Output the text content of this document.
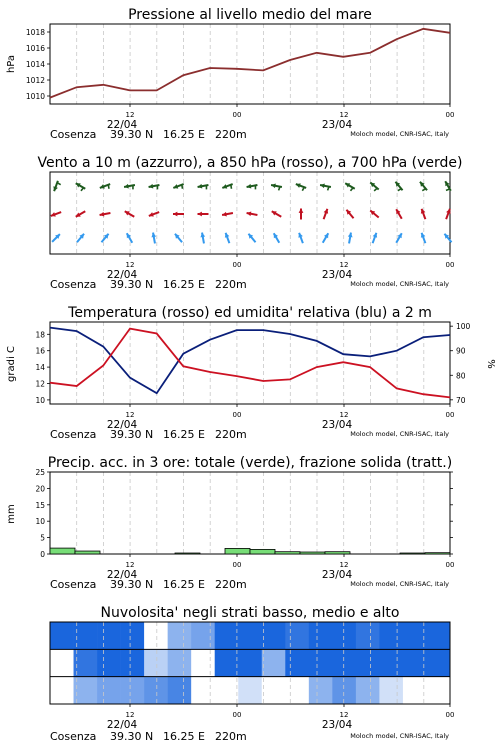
Pressione al livello medio del mare
12	00	12	00
22/04	23/04
Cosenza 39.30 N 16.25 E 220m	Moloch model, CNR-ISAC, Italy
1010
1012
1014
1016
1018
hPa
Vento a 10 m (azzurro), a 850 hPa (rosso), a 700 hPa (verde)
12	00	12	00
22/04	23/04
Cosenza 39.30 N 16.25 E 220m	Moloch model, CNR-ISAC, Italy
Temperatura (rosso) ed umidita' relativa (blu) a 2 m
12	00	12	00
22/04	23/04
Cosenza 39.30 N 16.25 E 220m	Moloch model, CNR-ISAC, Italy
10
12
14
16
18
70
80
90
100
gradi C	%
Precip. acc. in 3 ore: totale (verde), frazione solida (tratt.)
12	00	12	00
22/04	23/04
Cosenza 39.30 N 16.25 E 220m	Moloch model, CNR-ISAC, Italy
0
5
10
15
20
25
mm
Nuvolosita' negli strati basso, medio e alto
12	00	12	00
22/04	23/04
Cosenza 39.30 N 16.25 E 220m	Moloch model, CNR-ISAC, Italy
